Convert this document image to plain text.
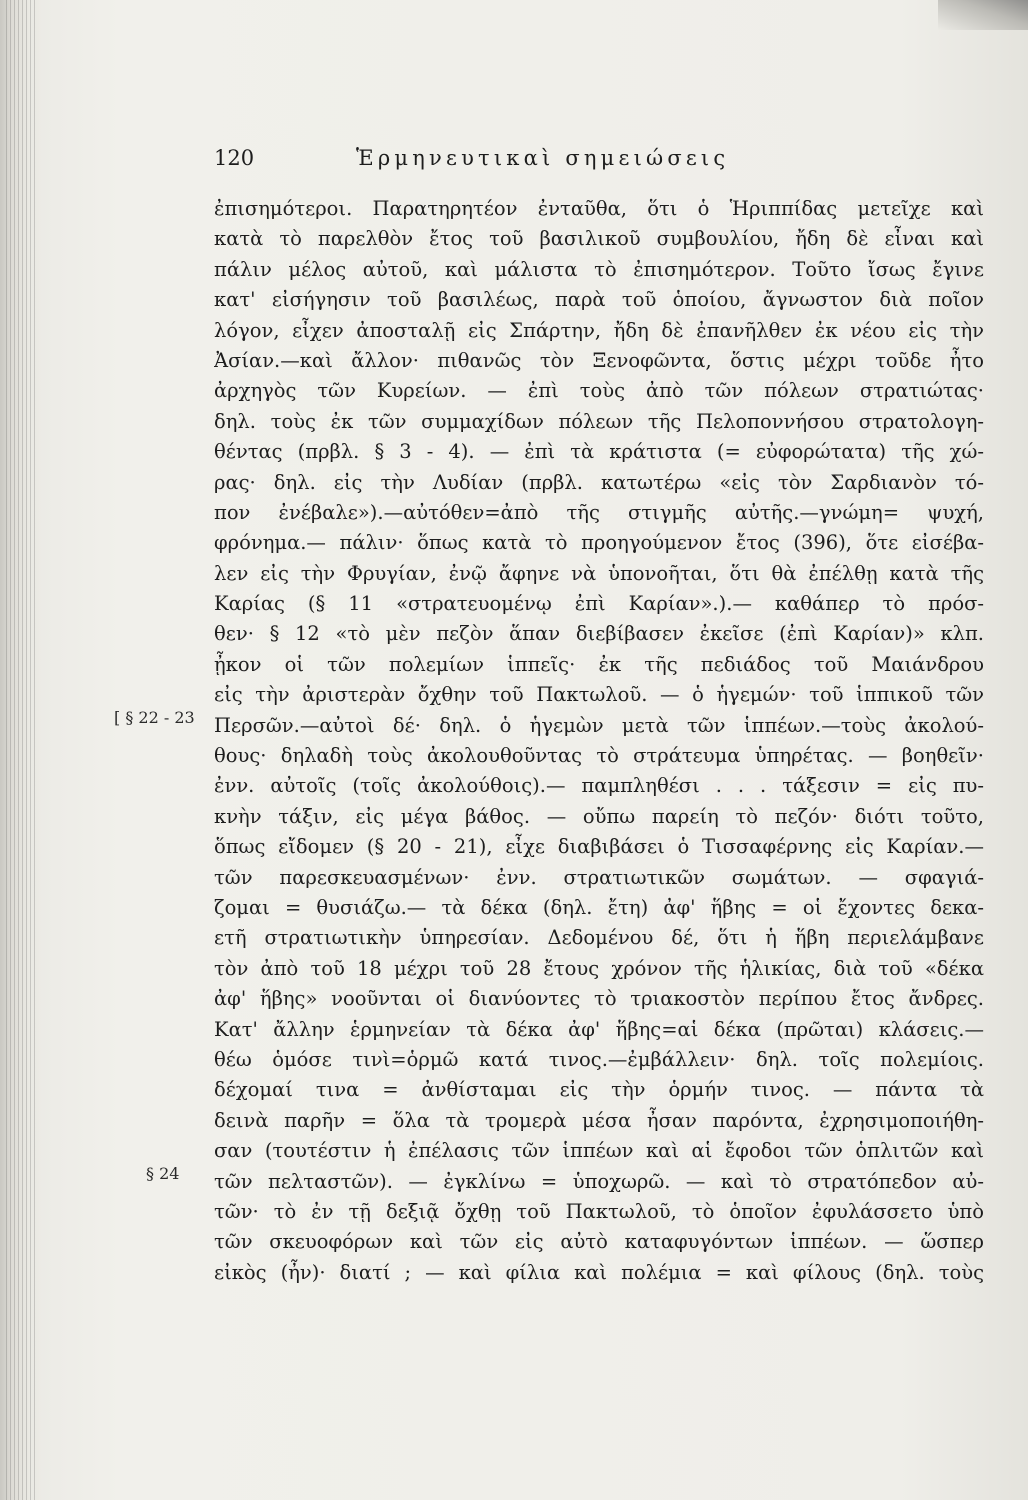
120	Ἑρμηνευτικαὶ σημειώσεις
[ § 22 - 23
§ 24
ἐπισημότεροι. Παρατηρητέον ἐνταῦθα, ὅτι ὁ Ἡριππίδας μετεῖχε καὶ
κατὰ τὸ παρελθὸν ἔτος τοῦ βασιλικοῦ συμβουλίου, ἤδη δὲ εἶναι καὶ
πάλιν μέλος αὐτοῦ, καὶ μάλιστα τὸ ἐπισημότερον. Τοῦτο ἴσως ἔγινε
κατ' εἰσήγησιν τοῦ βασιλέως, παρὰ τοῦ ὁποίου, ἄγνωστον διὰ ποῖον
λόγον, εἶχεν ἀποσταλῇ εἰς Σπάρτην, ἤδη δὲ ἐπανῆλθεν ἐκ νέου εἰς τὴν
Ἀσίαν.—καὶ ἄλλον· πιθανῶς τὸν Ξενοφῶντα, ὅστις μέχρι τοῦδε ἦτο
ἀρχηγὸς τῶν Κυρείων. — ἐπὶ τοὺς ἀπὸ τῶν πόλεων στρατιώτας·
δηλ. τοὺς ἐκ τῶν συμμαχίδων πόλεων τῆς Πελοποννήσου στρατολογη-
θέντας (πρβλ. § 3 - 4). — ἐπὶ τὰ κράτιστα (= εὐφορώτατα) τῆς χώ-
ρας· δηλ. εἰς τὴν Λυδίαν (πρβλ. κατωτέρω «εἰς τὸν Σαρδιανὸν τό-
πον ἐνέβαλε»).—αὐτόθεν=ἀπὸ τῆς στιγμῆς αὐτῆς.—γνώμη= ψυχή,
φρόνημα.— πάλιν· ὅπως κατὰ τὸ προηγούμενον ἔτος (396), ὅτε εἰσέβα-
λεν εἰς τὴν Φρυγίαν, ἐνῷ ἄφηνε νὰ ὑπονοῆται, ὅτι θὰ ἐπέλθῃ κατὰ τῆς
Καρίας (§ 11 «στρατευομένῳ ἐπὶ Καρίαν».).— καθάπερ τὸ πρόσ-
θεν· § 12 «τὸ μὲν πεζὸν ἅπαν διεβίβασεν ἐκεῖσε (ἐπὶ Καρίαν)» κλπ.
ᾖκον οἱ τῶν πολεμίων ἱππεῖς· ἐκ τῆς πεδιάδος τοῦ Μαιάνδρου
εἰς τὴν ἀριστερὰν ὄχθην τοῦ Πακτωλοῦ. — ὁ ἡγεμών· τοῦ ἱππικοῦ τῶν
Περσῶν.—αὐτοὶ δέ· δηλ. ὁ ἡγεμὼν μετὰ τῶν ἱππέων.—τοὺς ἀκολού-
θους· δηλαδὴ τοὺς ἀκολουθοῦντας τὸ στράτευμα ὑπηρέτας. — βοηθεῖν·
ἐνν. αὐτοῖς (τοῖς ἀκολούθοις).— παμπληθέσι . . . τάξεσιν = εἰς πυ-
κνὴν τάξιν, εἰς μέγα βάθος. — οὔπω παρείη τὸ πεζόν· διότι τοῦτο,
ὅπως εἴδομεν (§ 20 - 21), εἶχε διαβιβάσει ὁ Τισσαφέρνης εἰς Καρίαν.—
τῶν παρεσκευασμένων· ἐνν. στρατιωτικῶν σωμάτων. — σφαγιά-
ζομαι = θυσιάζω.— τὰ δέκα (δηλ. ἔτη) ἀφ' ἥβης = οἱ ἔχοντες δεκα-
ετῆ στρατιωτικὴν ὑπηρεσίαν. Δεδομένου δέ, ὅτι ἡ ἥβη περιελάμβανε
τὸν ἀπὸ τοῦ 18 μέχρι τοῦ 28 ἔτους χρόνον τῆς ἡλικίας, διὰ τοῦ «δέκα
ἀφ' ἥβης» νοοῦνται οἱ διανύοντες τὸ τριακοστὸν περίπου ἔτος ἄνδρες.
Κατ' ἄλλην ἑρμηνείαν τὰ δέκα ἀφ' ἥβης=αἱ δέκα (πρῶται) κλάσεις.—
θέω ὁμόσε τινὶ=ὁρμῶ κατά τινος.—ἐμβάλλειν· δηλ. τοῖς πολεμίοις.
δέχομαί τινα = ἀνθίσταμαι εἰς τὴν ὁρμήν τινος. — πάντα τὰ
δεινὰ παρῆν = ὅλα τὰ τρομερὰ μέσα ἦσαν παρόντα, ἐχρησιμοποιήθη-
σαν (τουτέστιν ἡ ἐπέλασις τῶν ἱππέων καὶ αἱ ἔφοδοι τῶν ὁπλιτῶν καὶ
τῶν πελταστῶν). — ἐγκλίνω = ὑποχωρῶ. — καὶ τὸ στρατόπεδον αὐ-
τῶν· τὸ ἐν τῇ δεξιᾷ ὄχθῃ τοῦ Πακτωλοῦ, τὸ ὁποῖον ἐφυλάσσετο ὑπὸ
τῶν σκευοφόρων καὶ τῶν εἰς αὐτὸ καταφυγόντων ἱππέων. — ὥσπερ
εἰκὸς (ἦν)· διατί ; — καὶ φίλια καὶ πολέμια = καὶ φίλους (δηλ. τοὺς
